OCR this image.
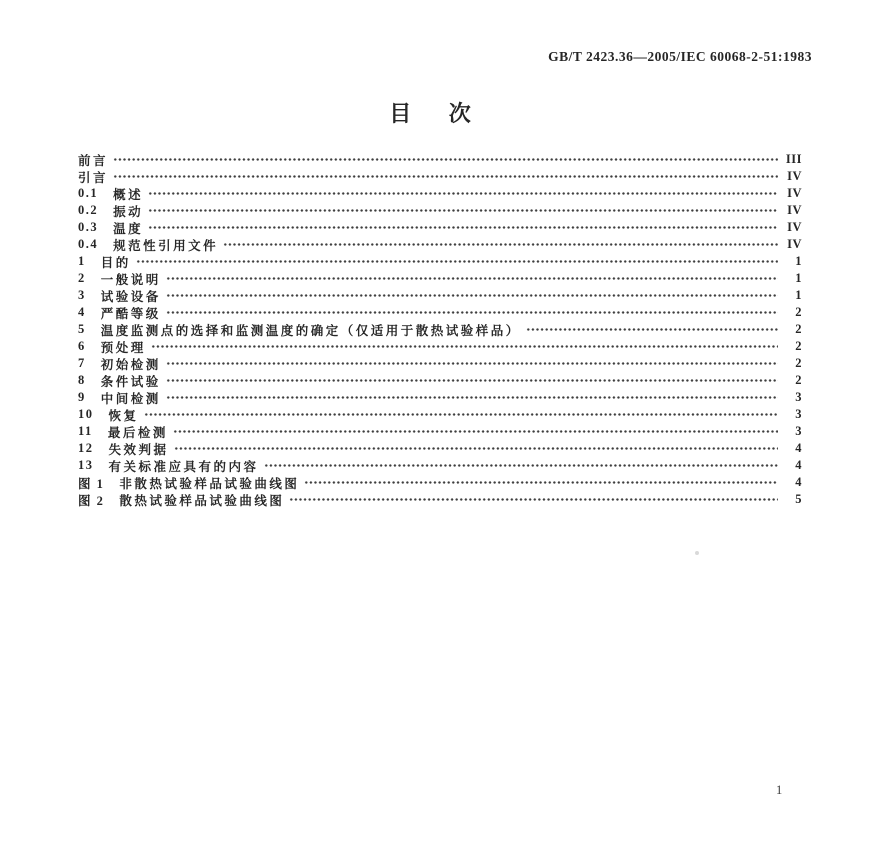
GB/T 2423.36—2005/IEC 60068-2-51:1983
目 次
前言	III
引言	IV
0.1 概述	IV
0.2 振动	IV
0.3 温度	IV
0.4 规范性引用文件	IV
1 目的	1
2 一般说明	1
3 试验设备	1
4 严酷等级	2
5 温度监测点的选择和监测温度的确定（仅适用于散热试验样品）	2
6 预处理	2
7 初始检测	2
8 条件试验	2
9 中间检测	3
10 恢复	3
11 最后检测	3
12 失效判据	4
13 有关标准应具有的内容	4
图 1 非散热试验样品试验曲线图	4
图 2 散热试验样品试验曲线图	5
1
